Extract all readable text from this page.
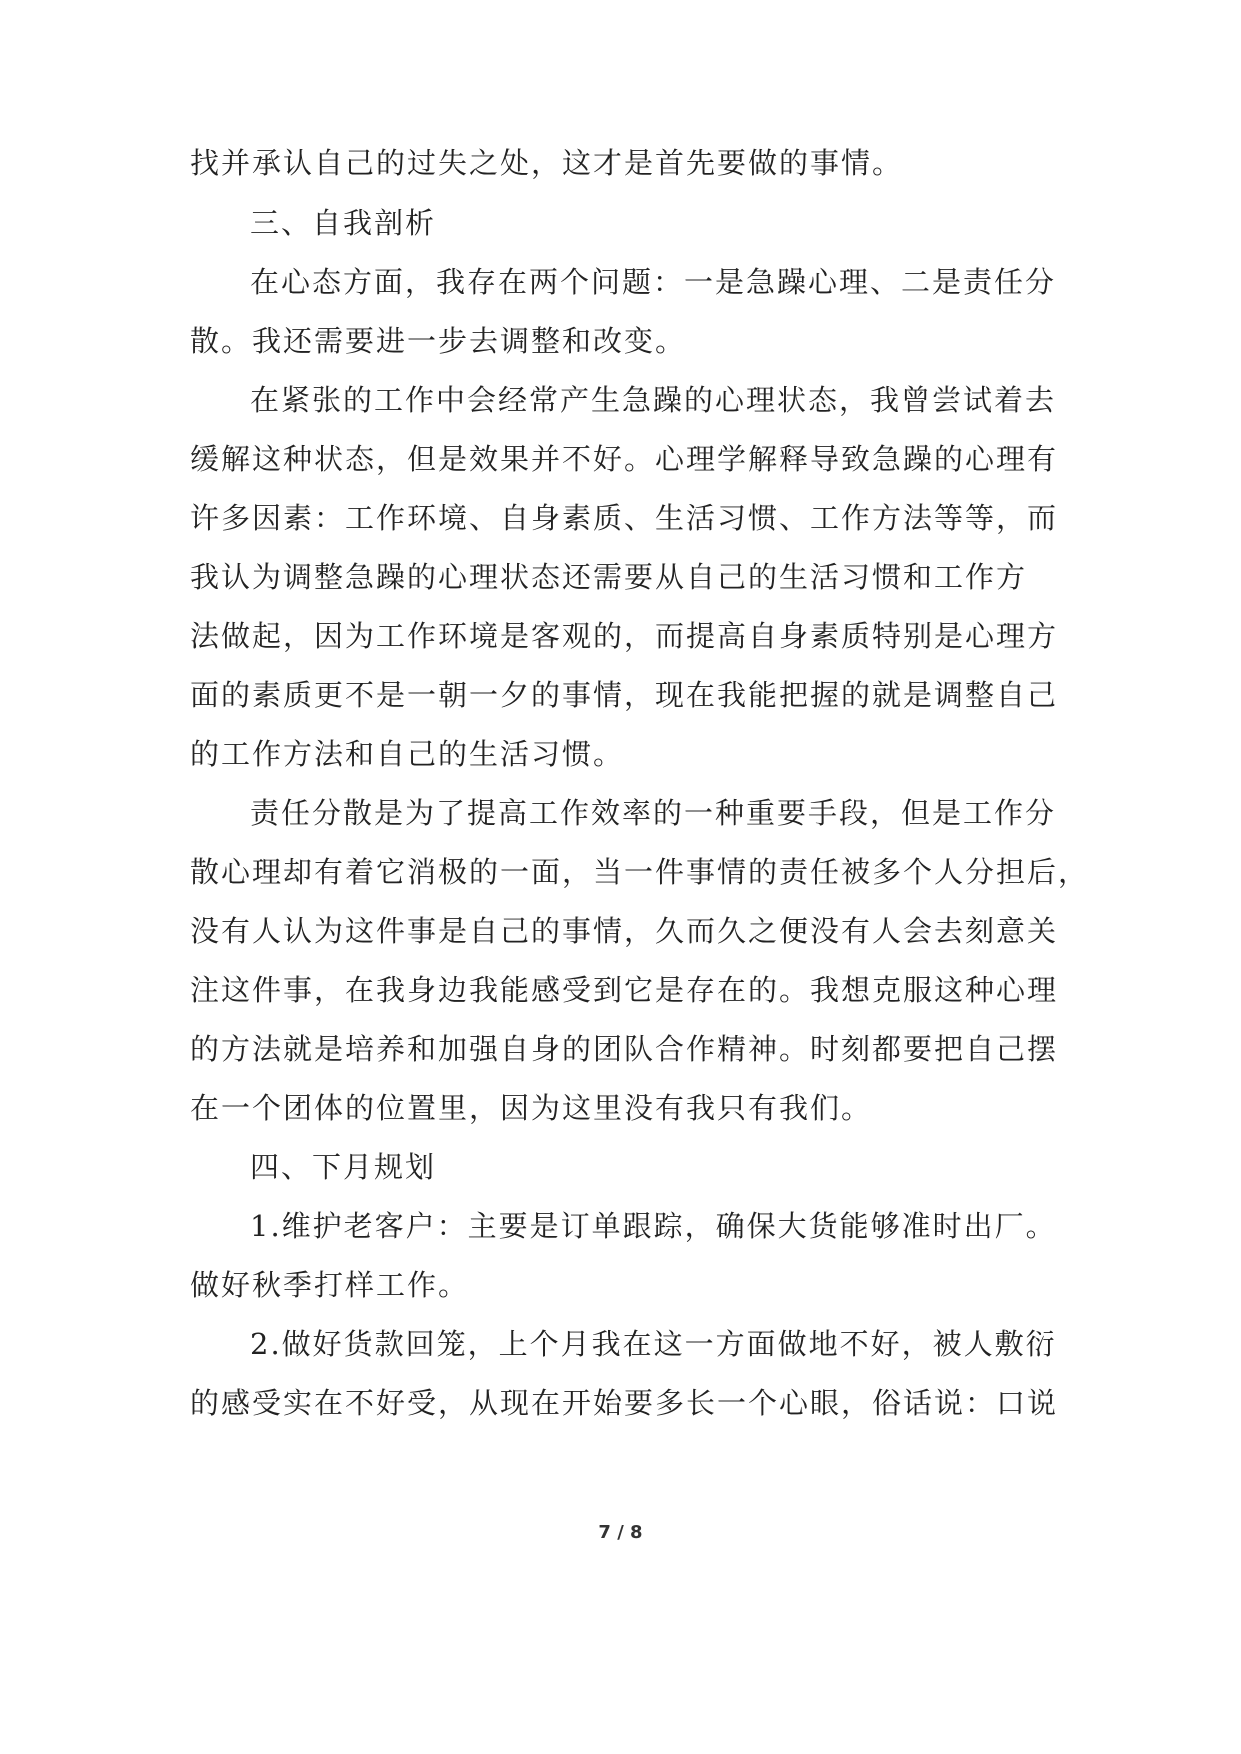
找并承认自己的过失之处，这才是首先要做的事情。
三、自我剖析
在心态方面，我存在两个问题：一是急躁心理、二是责任分
散。我还需要进一步去调整和改变。
在紧张的工作中会经常产生急躁的心理状态，我曾尝试着去
缓解这种状态，但是效果并不好。心理学解释导致急躁的心理有
许多因素：工作环境、自身素质、生活习惯、工作方法等等，而
我认为调整急躁的心理状态还需要从自己的生活习惯和工作方
法做起，因为工作环境是客观的，而提高自身素质特别是心理方
面的素质更不是一朝一夕的事情，现在我能把握的就是调整自己
的工作方法和自己的生活习惯。
责任分散是为了提高工作效率的一种重要手段，但是工作分
散心理却有着它消极的一面，当一件事情的责任被多个人分担后，
没有人认为这件事是自己的事情，久而久之便没有人会去刻意关
注这件事，在我身边我能感受到它是存在的。我想克服这种心理
的方法就是培养和加强自身的团队合作精神。时刻都要把自己摆
在一个团体的位置里，因为这里没有我只有我们。
四、下月规划
1.维护老客户：主要是订单跟踪，确保大货能够准时出厂。
做好秋季打样工作。
2.做好货款回笼，上个月我在这一方面做地不好，被人敷衍
的感受实在不好受，从现在开始要多长一个心眼，俗话说：口说
7 / 8
